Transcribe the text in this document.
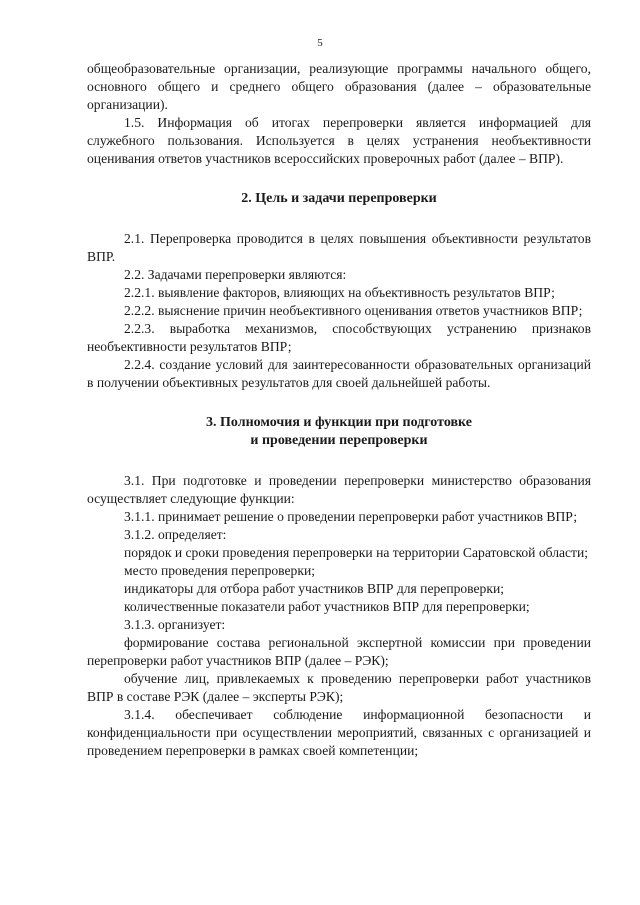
5

общеобразовательные организации, реализующие программы начального общего, основного общего и среднего общего образования (далее – образовательные организации).

1.5. Информация об итогах перепроверки является информацией для служебного пользования. Используется в целях устранения необъективности оценивания ответов участников всероссийских проверочных работ (далее – ВПР).

2. Цель и задачи перепроверки

2.1. Перепроверка проводится в целях повышения объективности результатов ВПР.

2.2. Задачами перепроверки являются:

2.2.1. выявление факторов, влияющих на объективность результатов ВПР;

2.2.2. выяснение причин необъективного оценивания ответов участников ВПР;

2.2.3. выработка механизмов, способствующих устранению признаков необъективности результатов ВПР;

2.2.4. создание условий для заинтересованности образовательных организаций в получении объективных результатов для своей дальнейшей работы.

3. Полномочия и функции при подготовке
и проведении перепроверки

3.1. При подготовке и проведении перепроверки министерство образования осуществляет следующие функции:

3.1.1. принимает решение о проведении перепроверки работ участников ВПР;

3.1.2. определяет:

порядок и сроки проведения перепроверки на территории Саратовской области;

место проведения перепроверки;

индикаторы для отбора работ участников ВПР для перепроверки;

количественные показатели работ участников ВПР для перепроверки;

3.1.3. организует:

формирование состава региональной экспертной комиссии при проведении перепроверки работ участников ВПР (далее – РЭК);

обучение лиц, привлекаемых к проведению перепроверки работ участников ВПР в составе РЭК (далее – эксперты РЭК);

3.1.4. обеспечивает соблюдение информационной безопасности и конфиденциальности при осуществлении мероприятий, связанных с организацией и проведением перепроверки в рамках своей компетенции;
